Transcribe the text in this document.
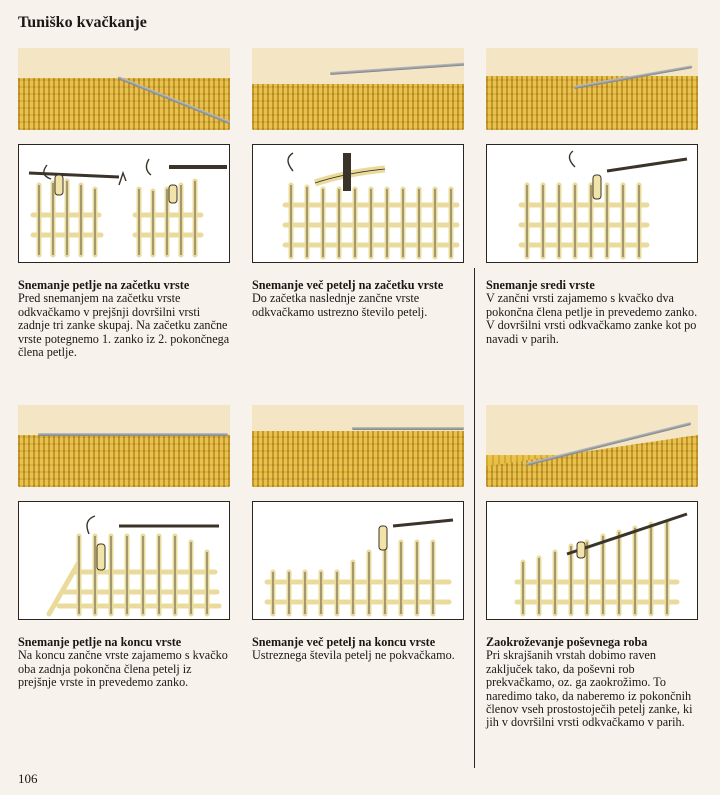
Tuniško kvačkanje
Snemanje petlje na začetku vrste
Pred snemanjem na začetku vrste odkvačkamo v prejšnji dovršilni vrsti zadnje tri zanke skupaj. Na začetku zančne vrste potegnemo 1. zanko iz 2. pokončnega člena petlje.
Snemanje več petelj na začetku vrste
Do začetka naslednje zančne vrste odkvačkamo ustrezno število petelj.
Snemanje sredi vrste
V zančni vrsti zajamemo s kvačko dva pokončna člena petlje in prevedemo zanko. V dovršilni vrsti odkvačkamo zanke kot po navadi v parih.
Snemanje petlje na koncu vrste
Na koncu zančne vrste zajamemo s kvačko oba zadnja pokončna člena petelj iz prejšnje vrste in prevedemo zanko.
Snemanje več petelj na koncu vrste
Ustreznega števila petelj ne pokvačkamo.
Zaokroževanje poševnega roba
Pri skrajšanih vrstah dobimo raven zaključek tako, da poševni rob prekvačkamo, oz. ga zaokrožimo. To naredimo tako, da naberemo iz pokončnih členov vseh prostostoječih petelj zanke, ki jih v dovršilni vrsti odkvačkamo v parih.
106
